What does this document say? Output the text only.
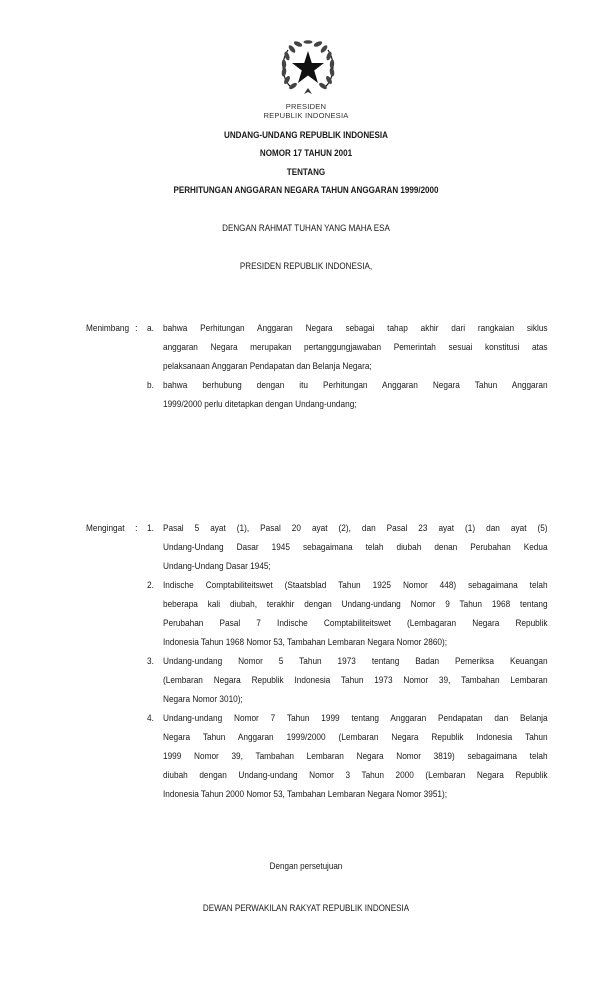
PRESIDEN
REPUBLIK INDONESIA
UNDANG-UNDANG REPUBLIK INDONESIA
NOMOR 17 TAHUN 2001
TENTANG
PERHITUNGAN ANGGARAN NEGARA TAHUN ANGGARAN 1999/2000
DENGAN RAHMAT TUHAN YANG MAHA ESA
PRESIDEN REPUBLIK INDONESIA,
Menimbang : a. bahwa Perhitungan Anggaran Negara sebagai tahap akhir dari rangkaian siklus
anggaran Negara merupakan pertanggungjawaban Pemerintah sesuai konstitusi atas
pelaksanaan Anggaran Pendapatan dan Belanja Negara;
b. bahwa berhubung dengan itu Perhitungan Anggaran Negara Tahun Anggaran
1999/2000 perlu ditetapkan dengan Undang-undang;
Mengingat : 1. Pasal 5 ayat (1), Pasal 20 ayat (2), dan Pasal 23 ayat (1) dan ayat (5)
Undang-Undang Dasar 1945 sebagaimana telah diubah denan Perubahan Kedua
Undang-Undang Dasar 1945;
2. Indische Comptabiliteitswet (Staatsblad Tahun 1925 Nomor 448) sebagaimana telah
beberapa kali diubah, terakhir dengan Undang-undang Nomor 9 Tahun 1968 tentang
Perubahan Pasal 7 Indische Comptabiliteitswet (Lembagaran Negara Republik
Indonesia Tahun 1968 Nomor 53, Tambahan Lembaran Negara Nomor 2860);
3. Undang-undang Nomor 5 Tahun 1973 tentang Badan Pemeriksa Keuangan
(Lembaran Negara Republik Indonesia Tahun 1973 Nomor 39, Tambahan Lembaran
Negara Nomor 3010);
4. Undang-undang Nomor 7 Tahun 1999 tentang Anggaran Pendapatan dan Belanja
Negara Tahun Anggaran 1999/2000 (Lembaran Negara Republik Indonesia Tahun
1999 Nomor 39, Tambahan Lembaran Negara Nomor 3819) sebagaimana telah
diubah dengan Undang-undang Nomor 3 Tahun 2000 (Lembaran Negara Republik
Indonesia Tahun 2000 Nomor 53, Tambahan Lembaran Negara Nomor 3951);
Dengan persetujuan
DEWAN PERWAKILAN RAKYAT REPUBLIK INDONESIA
